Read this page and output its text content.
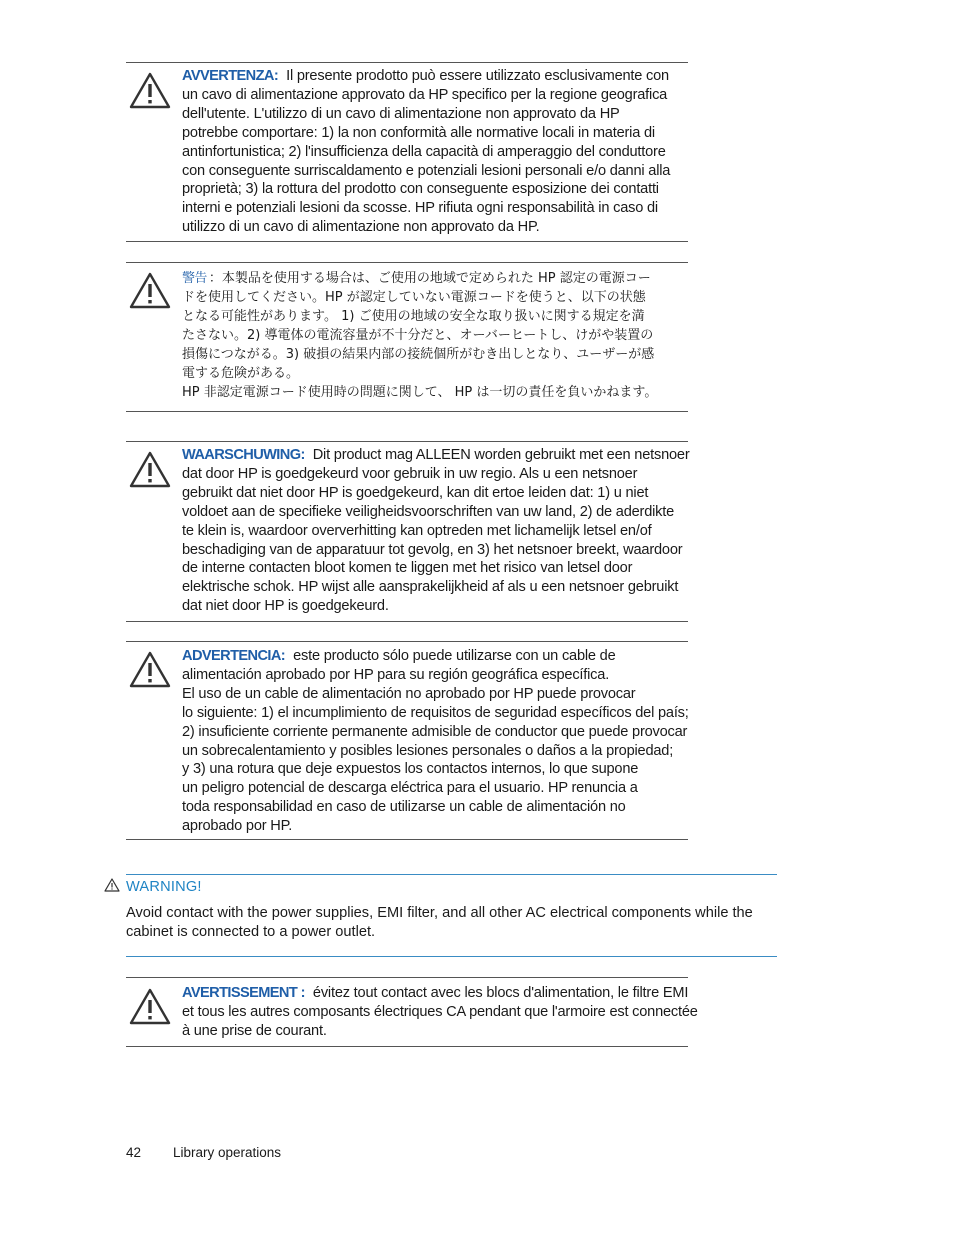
AVVERTENZA: Il presente prodotto può essere utilizzato esclusivamente con
un cavo di alimentazione approvato da HP specifico per la regione geografica
dell'utente. L'utilizzo di un cavo di alimentazione non approvato da HP
potrebbe comportare: 1) la non conformità alle normative locali in materia di
antinfortunistica; 2) l'insufficienza della capacità di amperaggio del conduttore
con conseguente surriscaldamento e potenziali lesioni personali e/o danni alla
proprietà; 3) la rottura del prodotto con conseguente esposizione dei contatti
interni e potenziali lesioni da scosse. HP rifiuta ogni responsabilità in caso di
utilizzo di un cavo di alimentazione non approvato da HP.
警告 ：本製品を使用する場合は、ご使用の地域で定められた HP 認定の電源コー
ドを使用してください。HP が認定していない電源コードを使うと、以下の状態
となる可能性があります。 1) ご使用の地域の安全な取り扱いに関する規定を満
たさない。2) 導電体の電流容量が不十分だと、オーバーヒートし、けがや装置の
損傷につながる。3) 破損の結果内部の接続個所がむき出しとなり、ユーザーが感
電する危険がある。
HP 非認定電源コード使用時の問題に関して、 HP は一切の責任を負いかねます。
WAARSCHUWING: Dit product mag ALLEEN worden gebruikt met een netsnoer
dat door HP is goedgekeurd voor gebruik in uw regio. Als u een netsnoer
gebruikt dat niet door HP is goedgekeurd, kan dit ertoe leiden dat: 1) u niet
voldoet aan de specifieke veiligheidsvoorschriften van uw land, 2) de aderdikte
te klein is, waardoor oververhitting kan optreden met lichamelijk letsel en/of
beschadiging van de apparatuur tot gevolg, en 3) het netsnoer breekt, waardoor
de interne contacten bloot komen te liggen met het risico van letsel door
elektrische schok. HP wijst alle aansprakelijkheid af als u een netsnoer gebruikt
dat niet door HP is goedgekeurd.
ADVERTENCIA: este producto sólo puede utilizarse con un cable de
alimentación aprobado por HP para su región geográfica específica.
El uso de un cable de alimentación no aprobado por HP puede provocar
lo siguiente: 1) el incumplimiento de requisitos de seguridad específicos del país;
2) insuficiente corriente permanente admisible de conductor que puede provocar
un sobrecalentamiento y posibles lesiones personales o daños a la propiedad;
y 3) una rotura que deje expuestos los contactos internos, lo que supone
un peligro potencial de descarga eléctrica para el usuario. HP renuncia a
toda responsabilidad en caso de utilizarse un cable de alimentación no
aprobado por HP.
WARNING!
Avoid contact with the power supplies, EMI filter, and all other AC electrical components while the cabinet is connected to a power outlet.
AVERTISSEMENT : évitez tout contact avec les blocs d'alimentation, le filtre EMI
et tous les autres composants électriques CA pendant que l'armoire est connectée
à une prise de courant.
42 Library operations
